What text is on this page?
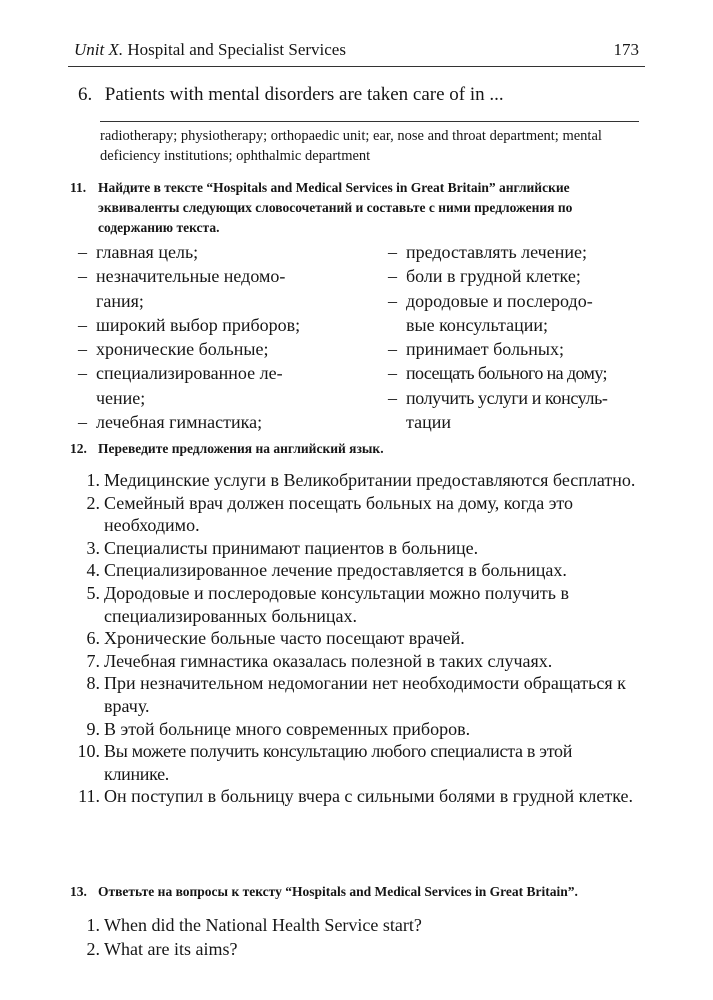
Unit X. Hospital and Specialist Services	173
6. Patients with mental disorders are taken care of in ...
radiotherapy; physiotherapy; orthopaedic unit; ear, nose and throat department; mental deficiency institutions; ophthalmic department
11. Найдите в тексте “Hospitals and Medical Services in Great Britain” английские
эквиваленты следующих словосочетаний и составьте с ними предложения по
содержанию текста.
– главная цель;
– незначительные недомо-
гания;
– широкий выбор приборов;
– хронические больные;
– специализированное ле-
чение;
– лечебная гимнастика;
– предоставлять лечение;
– боли в грудной клетке;
– дородовые и послеродо-
вые консультации;
– принимает больных;
– посещать больного на дому;
– получить услуги и консуль-
тации
12. Переведите предложения на английский язык.
1. Медицинские услуги в Великобритании предоставляются бесплатно.
2. Семейный врач должен посещать больных на дому, когда это необходимо.
3. Специалисты принимают пациентов в больнице.
4. Специализированное лечение предоставляется в больницах.
5. Дородовые и послеродовые консультации можно получить в специализированных больницах.
6. Хронические больные часто посещают врачей.
7. Лечебная гимнастика оказалась полезной в таких случаях.
8. При незначительном недомогании нет необходимости обращаться к врачу.
9. В этой больнице много современных приборов.
10. Вы можете получить консультацию любого специалиста в этой клинике.
11. Он поступил в больницу вчера с сильными болями в грудной клетке.
13. Ответьте на вопросы к тексту “Hospitals and Medical Services in Great Britain”.
1. When did the National Health Service start?
2. What are its aims?
